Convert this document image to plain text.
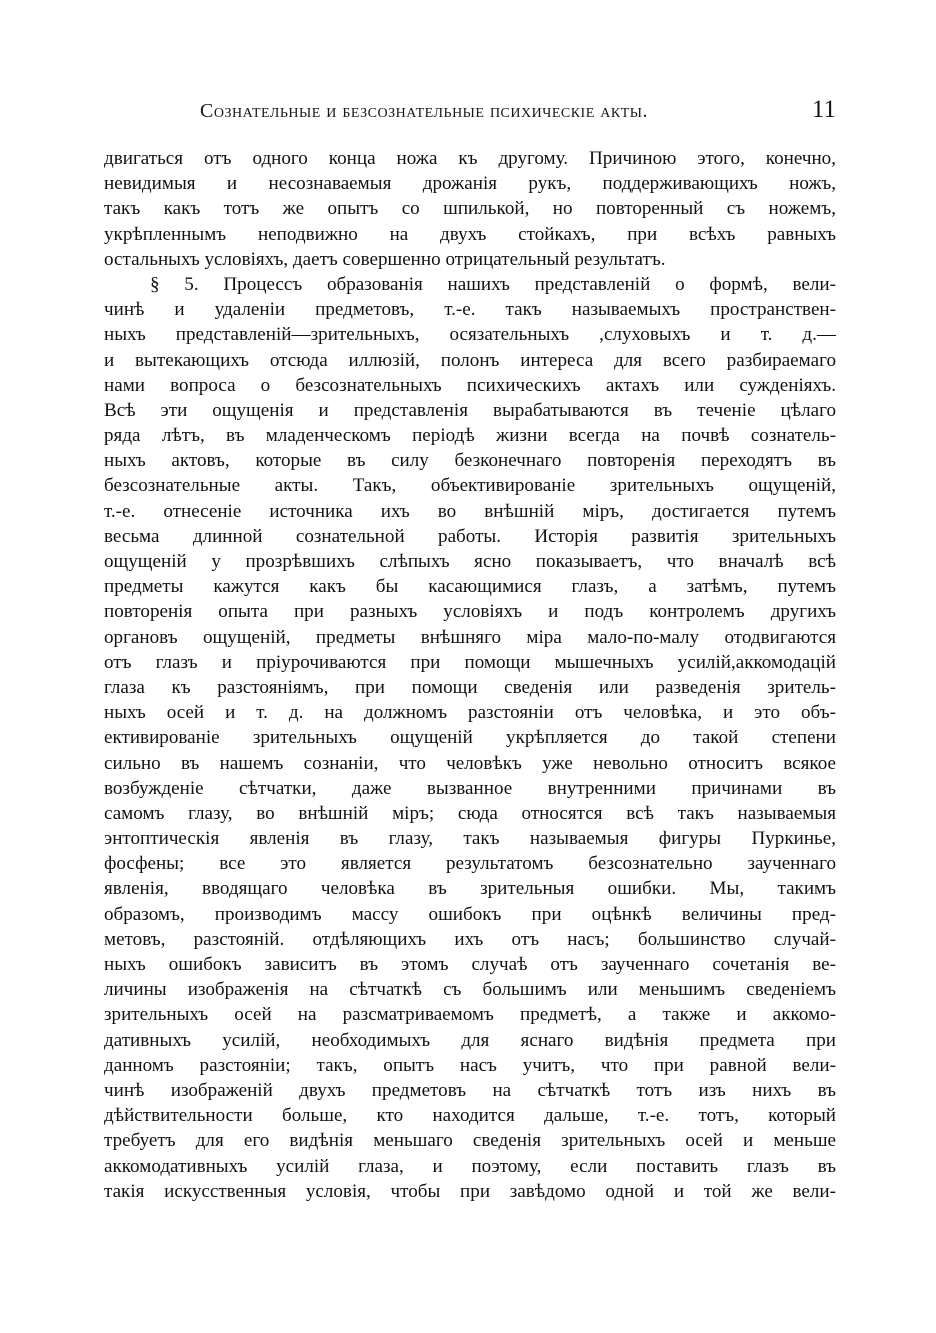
Сознательные и безсознательные психическіе акты.	11
двигаться отъ одного конца ножа къ другому. Причиною этого, конечно,
невидимыя и несознаваемыя дрожанія рукъ, поддерживающихъ ножъ,
такъ какъ тотъ же опытъ со шпилькой, но повторенный съ ножемъ,
укрѣпленнымъ неподвижно на двухъ стойкахъ, при всѣхъ равныхъ
остальныхъ условіяхъ, даетъ совершенно отрицательный результатъ.
§ 5. Процессъ образованія нашихъ представленій о формѣ, вели-
чинѣ и удаленіи предметовъ, т.-е. такъ называемыхъ пространствен-
ныхъ представленій—зрительныхъ, осязательныхъ ,слуховыхъ и т. д.—
и вытекающихъ отсюда иллюзій, полонъ интереса для всего разбираемаго
нами вопроса о безсознательныхъ психическихъ актахъ или сужденіяхъ.
Всѣ эти ощущенія и представленія вырабатываются въ теченіе цѣлаго
ряда лѣтъ, въ младенческомъ періодѣ жизни всегда на почвѣ сознатель-
ныхъ актовъ, которые въ силу безконечнаго повторенія переходятъ въ
безсознательные акты. Такъ, объективированіе зрительныхъ ощущеній,
т.-е. отнесеніе источника ихъ во внѣшній міръ, достигается путемъ
весьма длинной сознательной работы. Исторія развитія зрительныхъ
ощущеній у прозрѣвшихъ слѣпыхъ ясно показываетъ, что вначалѣ всѣ
предметы кажутся какъ бы касающимися глазъ, а затѣмъ, путемъ
повторенія опыта при разныхъ условіяхъ и подъ контролемъ другихъ
органовъ ощущеній, предметы внѣшняго міра мало-по-малу отодвигаются
отъ глазъ и пріурочиваются при помощи мышечныхъ усилій,аккомодацій
глаза къ разстояніямъ, при помощи сведенія или разведенія зритель-
ныхъ осей и т. д. на должномъ разстояніи отъ человѣка, и это объ-
ективированіе зрительныхъ ощущеній укрѣпляется до такой степени
сильно въ нашемъ сознаніи, что человѣкъ уже невольно относитъ всякое
возбужденіе сѣтчатки, даже вызванное внутренними причинами въ
самомъ глазу, во внѣшній міръ; сюда относятся всѣ такъ называемыя
энтоптическія явленія въ глазу, такъ называемыя фигуры Пуркинье,
фосфены; все это является результатомъ безсознательно заученнаго
явленія, вводящаго человѣка въ зрительныя ошибки. Мы, такимъ
образомъ, производимъ массу ошибокъ при оцѣнкѣ величины пред-
метовъ, разстояній. отдѣляющихъ ихъ отъ насъ; большинство случай-
ныхъ ошибокъ зависитъ въ этомъ случаѣ отъ заученнаго сочетанія ве-
личины изображенія на сѣтчаткѣ съ большимъ или меньшимъ сведеніемъ
зрительныхъ осей на разсматриваемомъ предметѣ, а также и аккомо-
дативныхъ усилій, необходимыхъ для яснаго видѣнія предмета при
данномъ разстояніи; такъ, опытъ насъ учитъ, что при равной вели-
чинѣ изображеній двухъ предметовъ на сѣтчаткѣ тотъ изъ нихъ въ
дѣйствительности больше, кто находится дальше, т.-е. тотъ, который
требуетъ для его видѣнія меньшаго сведенія зрительныхъ осей и меньше
аккомодативныхъ усилій глаза, и поэтому, если поставить глазъ въ
такія искусственныя условія, чтобы при завѣдомо одной и той же вели-
